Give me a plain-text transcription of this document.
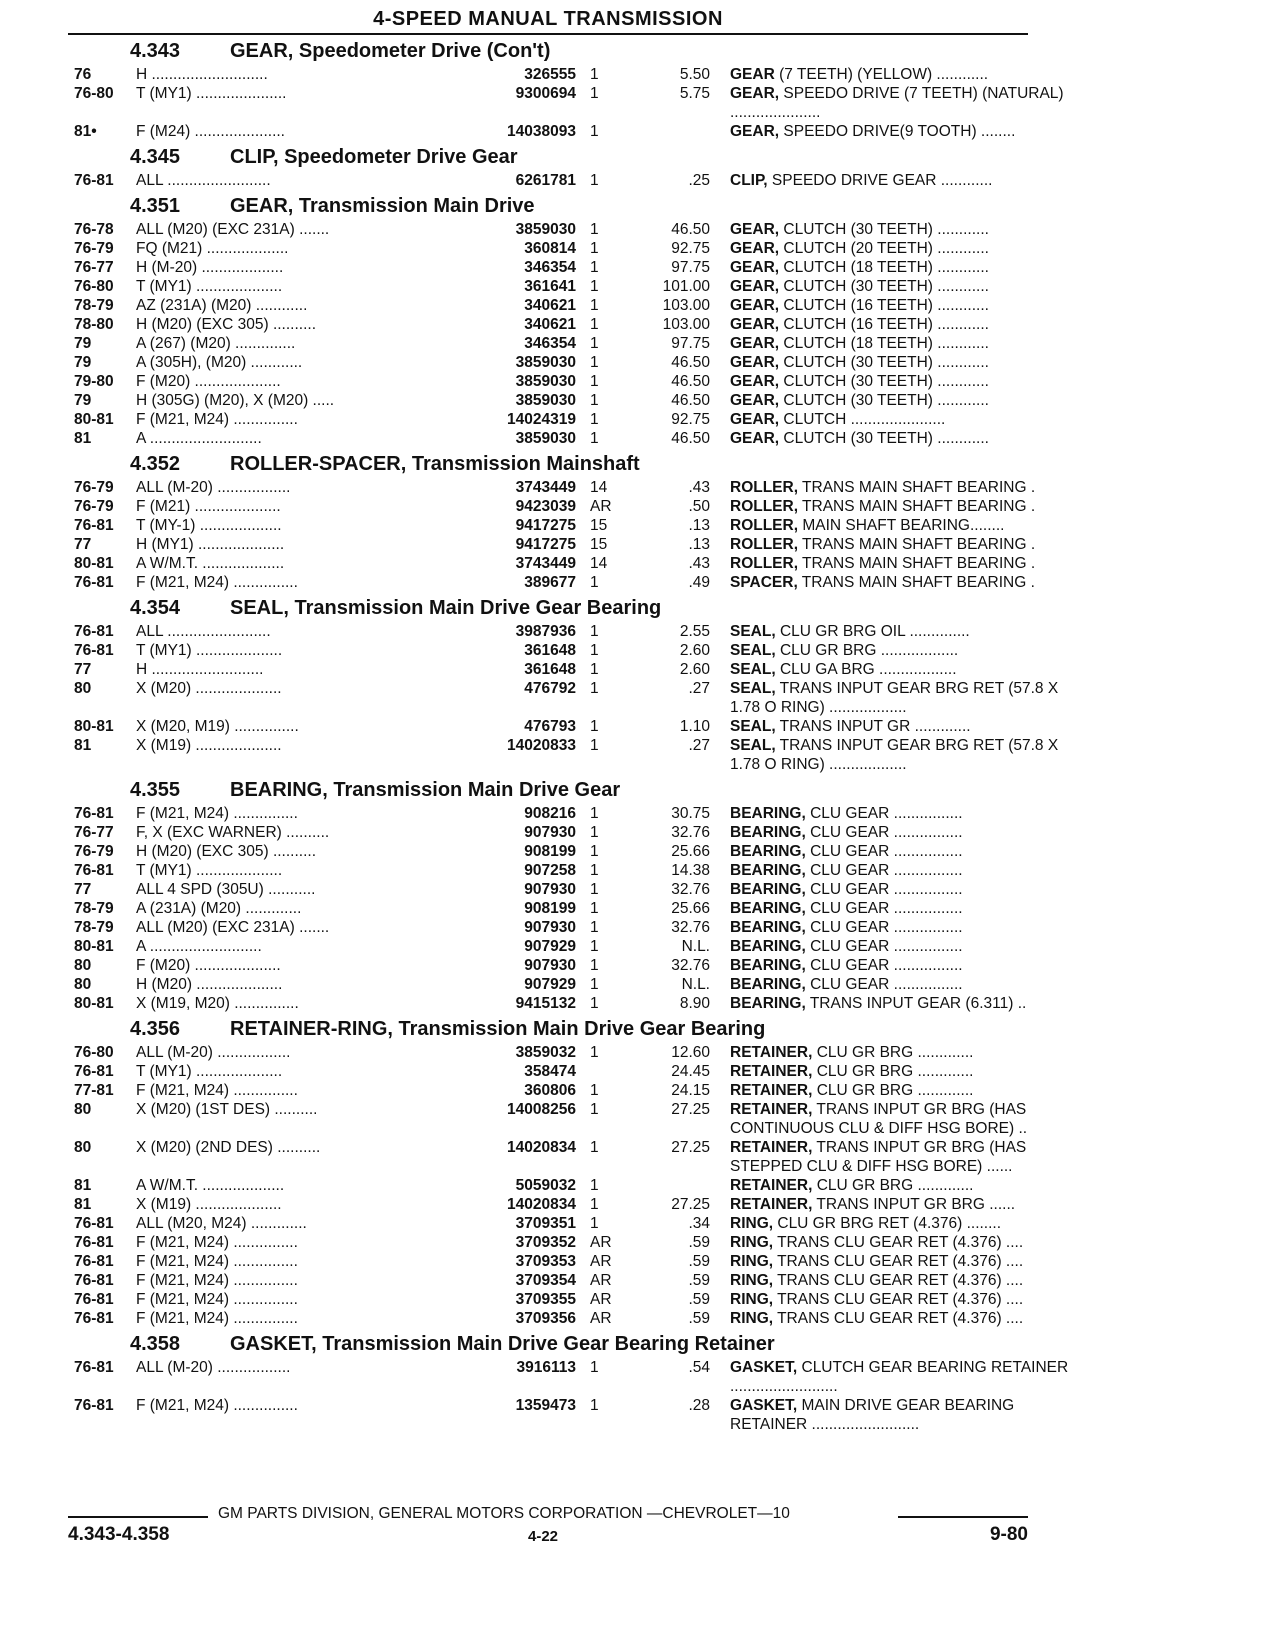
4-SPEED MANUAL TRANSMISSION
4.343 GEAR, Speedometer Drive (Con't)
76	H ...........................	326555 1	5.50 GEAR (7 TEETH) (YELLOW) ............
76-80 T (MY1) .....................	9300694 1	5.75 GEAR, SPEEDO DRIVE (7 TEETH) (NATURAL) .....................
81•	F (M24) .....................	14038093 1	GEAR, SPEEDO DRIVE(9 TOOTH) ........
4.345 CLIP, Speedometer Drive Gear
76-81 ALL ........................	6261781 1	.25 CLIP, SPEEDO DRIVE GEAR ............
4.351 GEAR, Transmission Main Drive
76-78 ALL (M20) (EXC 231A) .......	3859030 1	46.50 GEAR, CLUTCH (30 TEETH) ............
76-79 FQ (M21) ...................	360814 1	92.75 GEAR, CLUTCH (20 TEETH) ............
76-77 H (M-20) ...................	346354 1	97.75 GEAR, CLUTCH (18 TEETH) ............
76-80 T (MY1) ....................	361641 1	101.00 GEAR, CLUTCH (30 TEETH) ............
78-79 AZ (231A) (M20) ............	340621 1	103.00 GEAR, CLUTCH (16 TEETH) ............
78-80 H (M20) (EXC 305) ..........	340621 1	103.00 GEAR, CLUTCH (16 TEETH) ............
79	A (267) (M20) ..............	346354 1	97.75 GEAR, CLUTCH (18 TEETH) ............
79	A (305H), (M20) ............	3859030 1	46.50 GEAR, CLUTCH (30 TEETH) ............
79-80 F (M20) ....................	3859030 1	46.50 GEAR, CLUTCH (30 TEETH) ............
79	H (305G) (M20), X (M20) .....	3859030 1	46.50 GEAR, CLUTCH (30 TEETH) ............
80-81 F (M21, M24) ...............	14024319 1	92.75 GEAR, CLUTCH ......................
81	A ..........................	3859030 1	46.50 GEAR, CLUTCH (30 TEETH) ............
4.352 ROLLER-SPACER, Transmission Mainshaft
76-79 ALL (M-20) .................	3743449 14	.43 ROLLER, TRANS MAIN SHAFT BEARING .
76-79 F (M21) ....................	9423039 AR	.50 ROLLER, TRANS MAIN SHAFT BEARING .
76-81 T (MY-1) ...................	9417275 15	.13 ROLLER, MAIN SHAFT BEARING........
77	H (MY1) ....................	9417275 15	.13 ROLLER, TRANS MAIN SHAFT BEARING .
80-81 A W/M.T. ...................	3743449 14	.43 ROLLER, TRANS MAIN SHAFT BEARING .
76-81 F (M21, M24) ...............	389677 1	.49 SPACER, TRANS MAIN SHAFT BEARING .
4.354 SEAL, Transmission Main Drive Gear Bearing
76-81 ALL ........................	3987936 1	2.55 SEAL, CLU GR BRG OIL ..............
76-81 T (MY1) ....................	361648 1	2.60 SEAL, CLU GR BRG ..................
77	H ..........................	361648 1	2.60 SEAL, CLU GA BRG ..................
80	X (M20) ....................	476792 1	.27 SEAL, TRANS INPUT GEAR BRG RET (57.8 X 1.78 O RING) ..................
80-81 X (M20, M19) ...............	476793 1	1.10 SEAL, TRANS INPUT GR .............
81	X (M19) ....................	14020833 1	.27 SEAL, TRANS INPUT GEAR BRG RET (57.8 X 1.78 O RING) ..................
4.355 BEARING, Transmission Main Drive Gear
76-81 F (M21, M24) ...............	908216 1	30.75 BEARING, CLU GEAR ................
76-77 F, X (EXC WARNER) ..........	907930 1	32.76 BEARING, CLU GEAR ................
76-79 H (M20) (EXC 305) ..........	908199 1	25.66 BEARING, CLU GEAR ................
76-81 T (MY1) ....................	907258 1	14.38 BEARING, CLU GEAR ................
77	ALL 4 SPD (305U) ...........	907930 1	32.76 BEARING, CLU GEAR ................
78-79 A (231A) (M20) .............	908199 1	25.66 BEARING, CLU GEAR ................
78-79 ALL (M20) (EXC 231A) .......	907930 1	32.76 BEARING, CLU GEAR ................
80-81 A ..........................	907929 1	N.L. BEARING, CLU GEAR ................
80	F (M20) ....................	907930 1	32.76 BEARING, CLU GEAR ................
80	H (M20) ....................	907929 1	N.L. BEARING, CLU GEAR ................
80-81 X (M19, M20) ...............	9415132 1	8.90 BEARING, TRANS INPUT GEAR (6.311) ..
4.356 RETAINER-RING, Transmission Main Drive Gear Bearing
76-80 ALL (M-20) .................	3859032 1	12.60 RETAINER, CLU GR BRG .............
76-81 T (MY1) ....................	358474	24.45 RETAINER, CLU GR BRG .............
77-81 F (M21, M24) ...............	360806 1	24.15 RETAINER, CLU GR BRG .............
80	X (M20) (1ST DES) ..........	14008256 1	27.25 RETAINER, TRANS INPUT GR BRG (HAS CONTINUOUS CLU & DIFF HSG BORE) ..
80	X (M20) (2ND DES) ..........	14020834 1	27.25 RETAINER, TRANS INPUT GR BRG (HAS STEPPED CLU & DIFF HSG BORE) ......
81	A W/M.T. ...................	5059032 1	RETAINER, CLU GR BRG .............
81	X (M19) ....................	14020834 1	27.25 RETAINER, TRANS INPUT GR BRG ......
76-81 ALL (M20, M24) .............	3709351 1	.34 RING, CLU GR BRG RET (4.376) ........
76-81 F (M21, M24) ...............	3709352 AR	.59 RING, TRANS CLU GEAR RET (4.376) ....
76-81 F (M21, M24) ...............	3709353 AR	.59 RING, TRANS CLU GEAR RET (4.376) ....
76-81 F (M21, M24) ...............	3709354 AR	.59 RING, TRANS CLU GEAR RET (4.376) ....
76-81 F (M21, M24) ...............	3709355 AR	.59 RING, TRANS CLU GEAR RET (4.376) ....
76-81 F (M21, M24) ...............	3709356 AR	.59 RING, TRANS CLU GEAR RET (4.376) ....
4.358 GASKET, Transmission Main Drive Gear Bearing Retainer
76-81 ALL (M-20) .................	3916113 1	.54 GASKET, CLUTCH GEAR BEARING RETAINER .........................
76-81 F (M21, M24) ...............	1359473 1	.28 GASKET, MAIN DRIVE GEAR BEARING RETAINER .........................
GM PARTS DIVISION, GENERAL MOTORS CORPORATION —CHEVROLET—10
4.343-4.358	4-22	9-80
